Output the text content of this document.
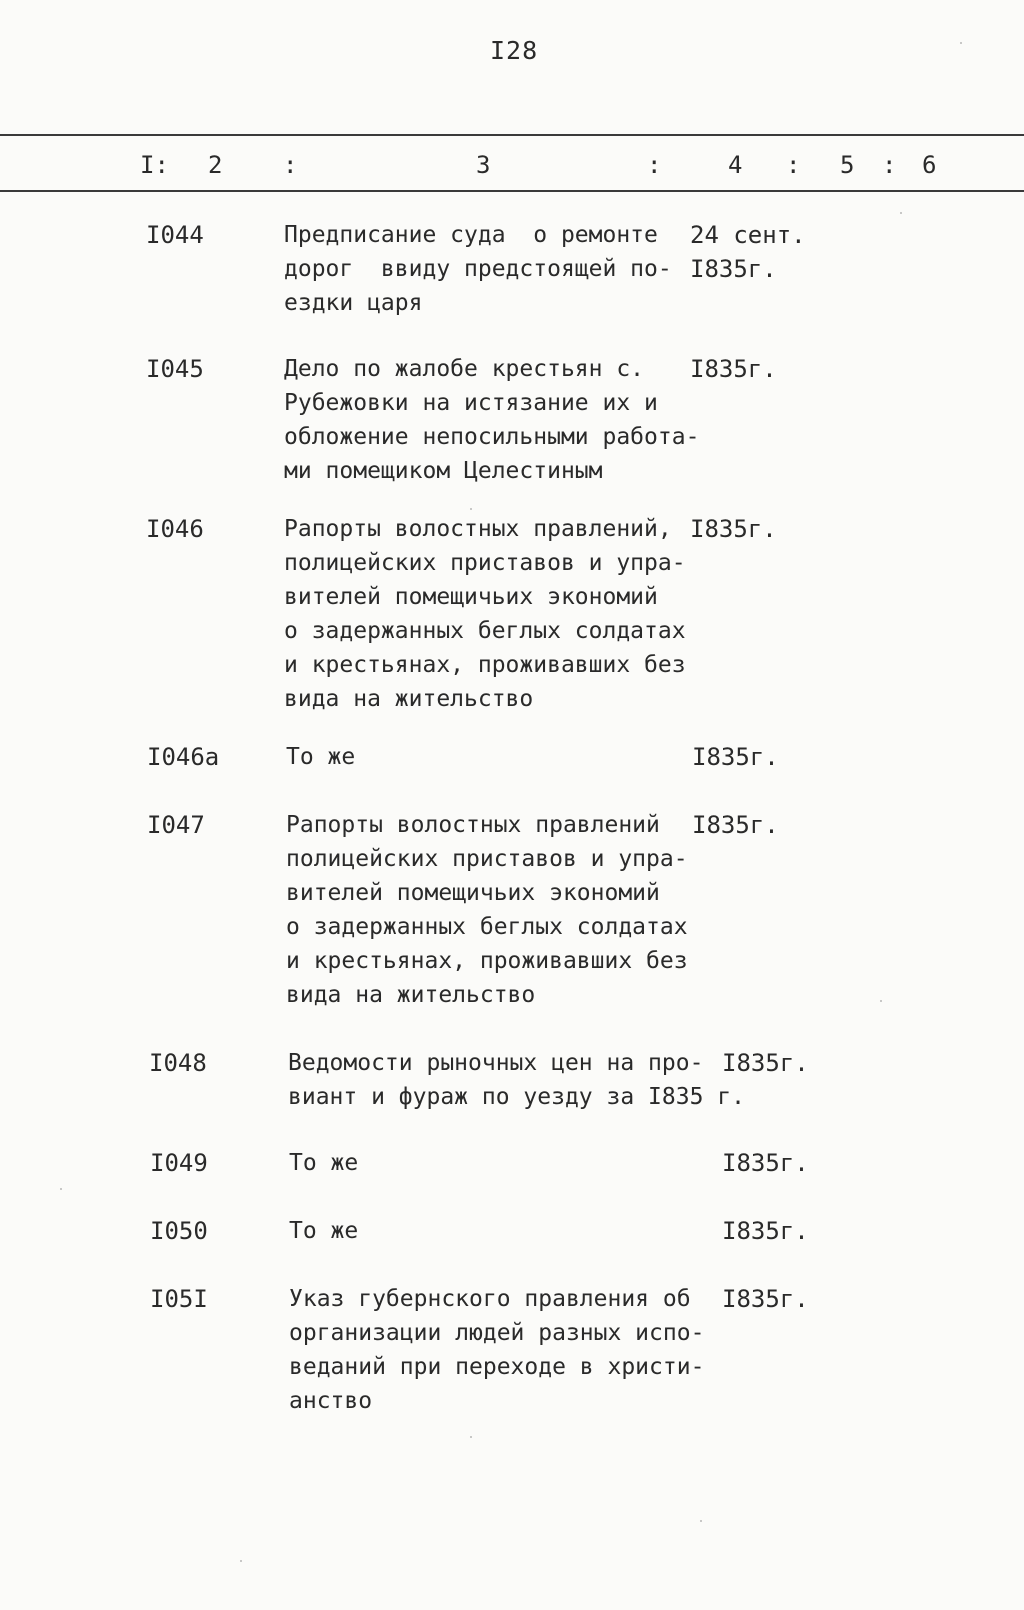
I28
I: 2	:	3	:	4 : 5 : 6
I044	Предписание суда  о ремонте
дорог  ввиду предстоящей по-
ездки царя
24 сент.
I835г.
I045	Дело по жалобе крестьян с.
Рубежовки на истязание их и
обложение непосильными работа-
ми помещиком Целестиным
I835г.
I046	Рапорты волостных правлений,
полицейских приставов и упра-
вителей помещичьих экономий
о задержанных беглых солдатах
и крестьянах, проживавших без
вида на жительство
I835г.
I046а	То же	I835г.
I047	Рапорты волостных правлений
полицейских приставов и упра-
вителей помещичьих экономий
о задержанных беглых солдатах
и крестьянах, проживавших без
вида на жительство
I835г.
I048	Ведомости рыночных цен на про-
виант и фураж по уезду за I835 г.
I835г.
I049	То же	I835г.
I050	То же	I835г.
I05I	Указ губернского правления об
организации людей разных испо-
веданий при переходе в христи-
анство
I835г.
